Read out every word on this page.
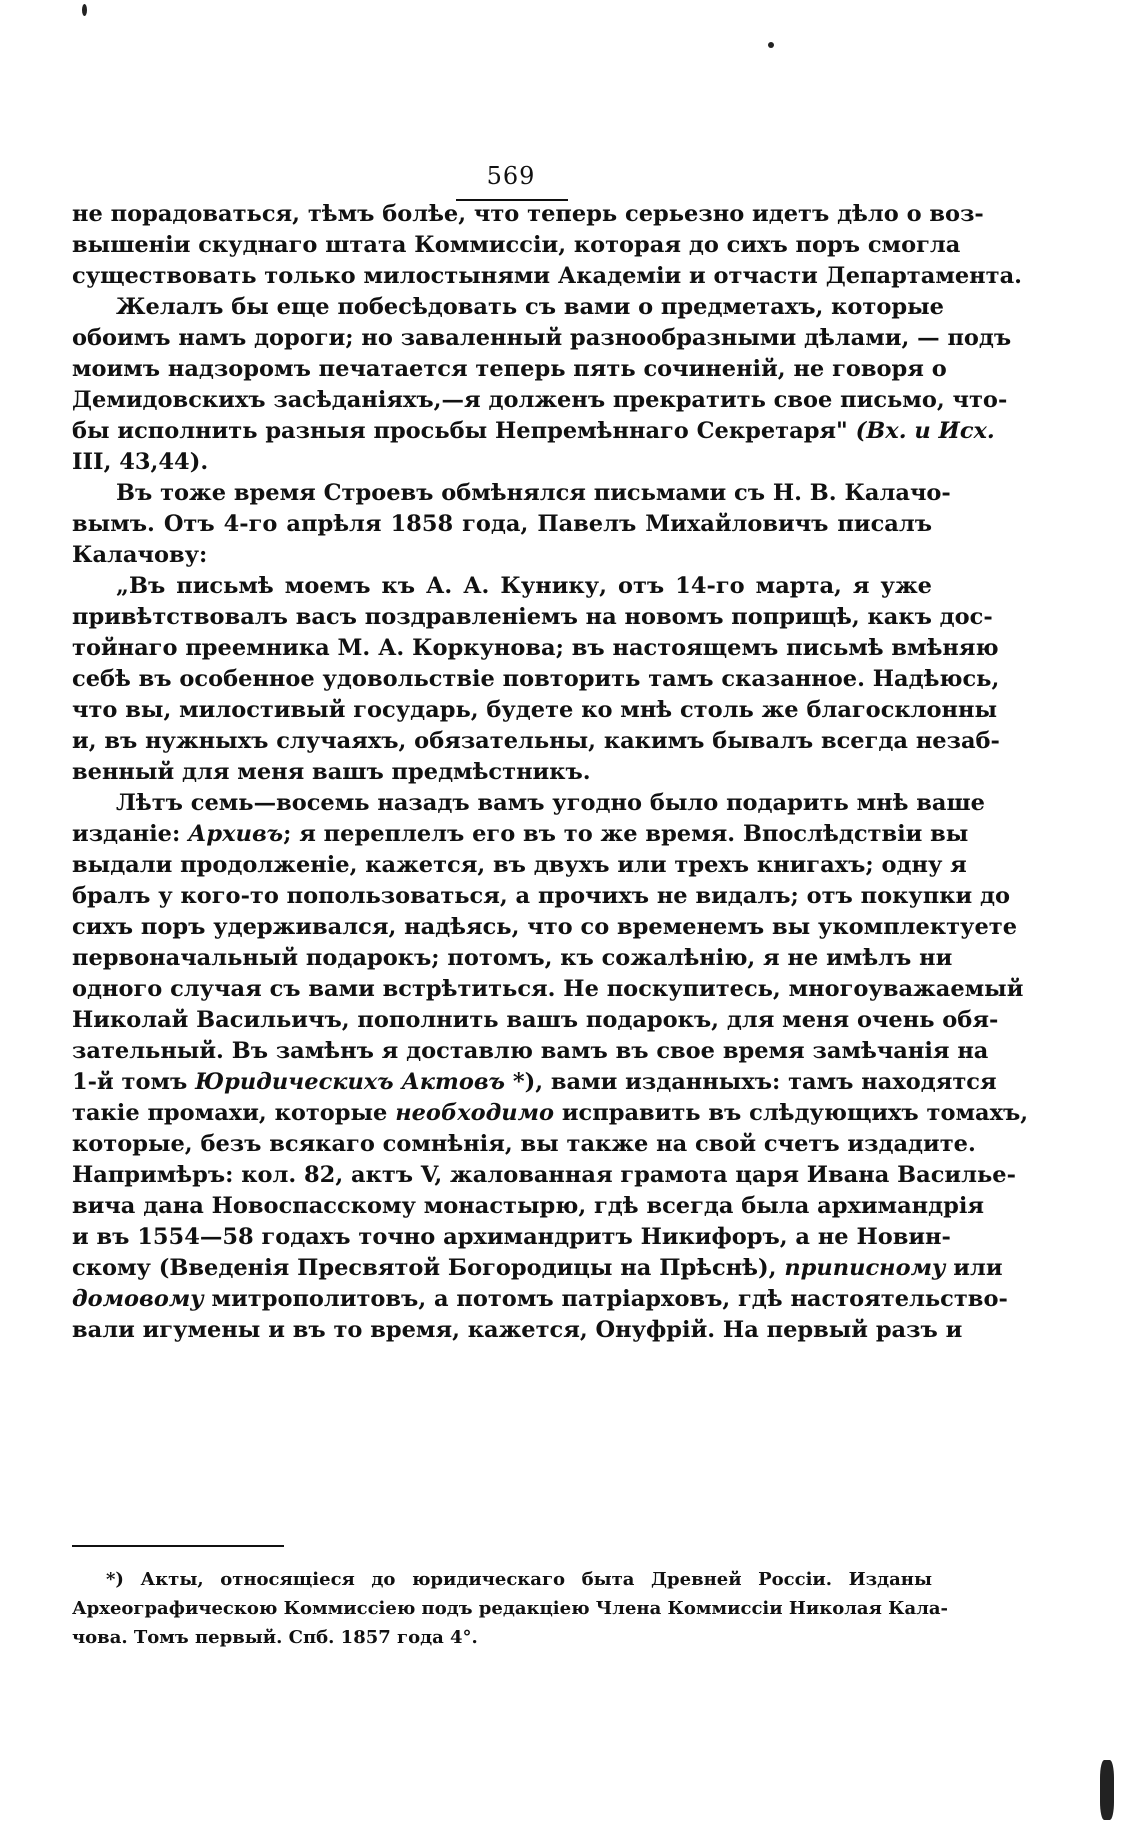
569

не порадоваться, тѣмъ болѣе, что теперь серьезно идетъ дѣло о воз-

вышеніи скуднаго штата Коммиссіи, которая до сихъ поръ смогла

существовать только милостынями Академіи и отчасти Департамента.

Желалъ бы еще побесѣдовать съ вами о предметахъ, которые

обоимъ намъ дороги; но заваленный разнообразными дѣлами, — подъ

моимъ надзоромъ печатается теперь пять сочиненій, не говоря о

Демидовскихъ засѣданіяхъ,—я долженъ прекратить свое письмо, что-

бы исполнить разныя просьбы Непремѣннаго Секретаря" (Вх. и Исх.

III, 43,44).

Въ тоже время Строевъ обмѣнялся письмами съ Н. В. Калачо-

вымъ. Отъ 4-го апрѣля 1858 года, Павелъ Михайловичъ писалъ

Калачову:

„Въ письмѣ моемъ къ А. А. Кунику, отъ 14-го марта, я уже

привѣтствовалъ васъ поздравленіемъ на новомъ поприщѣ, какъ дос-

тойнаго преемника М. А. Коркунова; въ настоящемъ письмѣ вмѣняю

себѣ въ особенное удовольствіе повторить тамъ сказанное. Надѣюсь,

что вы, милостивый государь, будете ко мнѣ столь же благосклонны

и, въ нужныхъ случаяхъ, обязательны, какимъ бывалъ всегда незаб-

венный для меня вашъ предмѣстникъ.

Лѣтъ семь—восемь назадъ вамъ угодно было подарить мнѣ ваше

изданіе: Архивъ; я переплелъ его въ то же время. Впослѣдствіи вы

выдали продолженіе, кажется, въ двухъ или трехъ книгахъ; одну я

бралъ у кого-то попользоваться, а прочихъ не видалъ; отъ покупки до

сихъ поръ удерживался, надѣясь, что со временемъ вы укомплектуете

первоначальный подарокъ; потомъ, къ сожалѣнію, я не имѣлъ ни

одного случая съ вами встрѣтиться. Не поскупитесь, многоуважаемый

Николай Васильичъ, пополнить вашъ подарокъ, для меня очень обя-

зательный. Въ замѣнъ я доставлю вамъ въ свое время замѣчанія на

1-й томъ Юридическихъ Актовъ *), вами изданныхъ: тамъ находятся

такіе промахи, которые необходимо исправить въ слѣдующихъ томахъ,

которые, безъ всякаго сомнѣнія, вы также на свой счетъ издадите.

Напримѣръ: кол. 82, актъ V, жалованная грамота царя Ивана Василье-

вича дана Новоспасскому монастырю, гдѣ всегда была архимандрія

и въ 1554—58 годахъ точно архимандритъ Никифоръ, а не Новин-

скому (Введенія Пресвятой Богородицы на Прѣснѣ), приписному или

домовому митрополитовъ, а потомъ патріарховъ, гдѣ настоятельство-

вали игумены и въ то время, кажется, Онуфрій. На первый разъ и

*) Акты, относящіеся до юридическаго быта Древней Россіи. Изданы

Археографическою Коммиссіею подъ редакціею Члена Коммиссіи Николая Кала-

чова. Томъ первый. Спб. 1857 года 4°.
